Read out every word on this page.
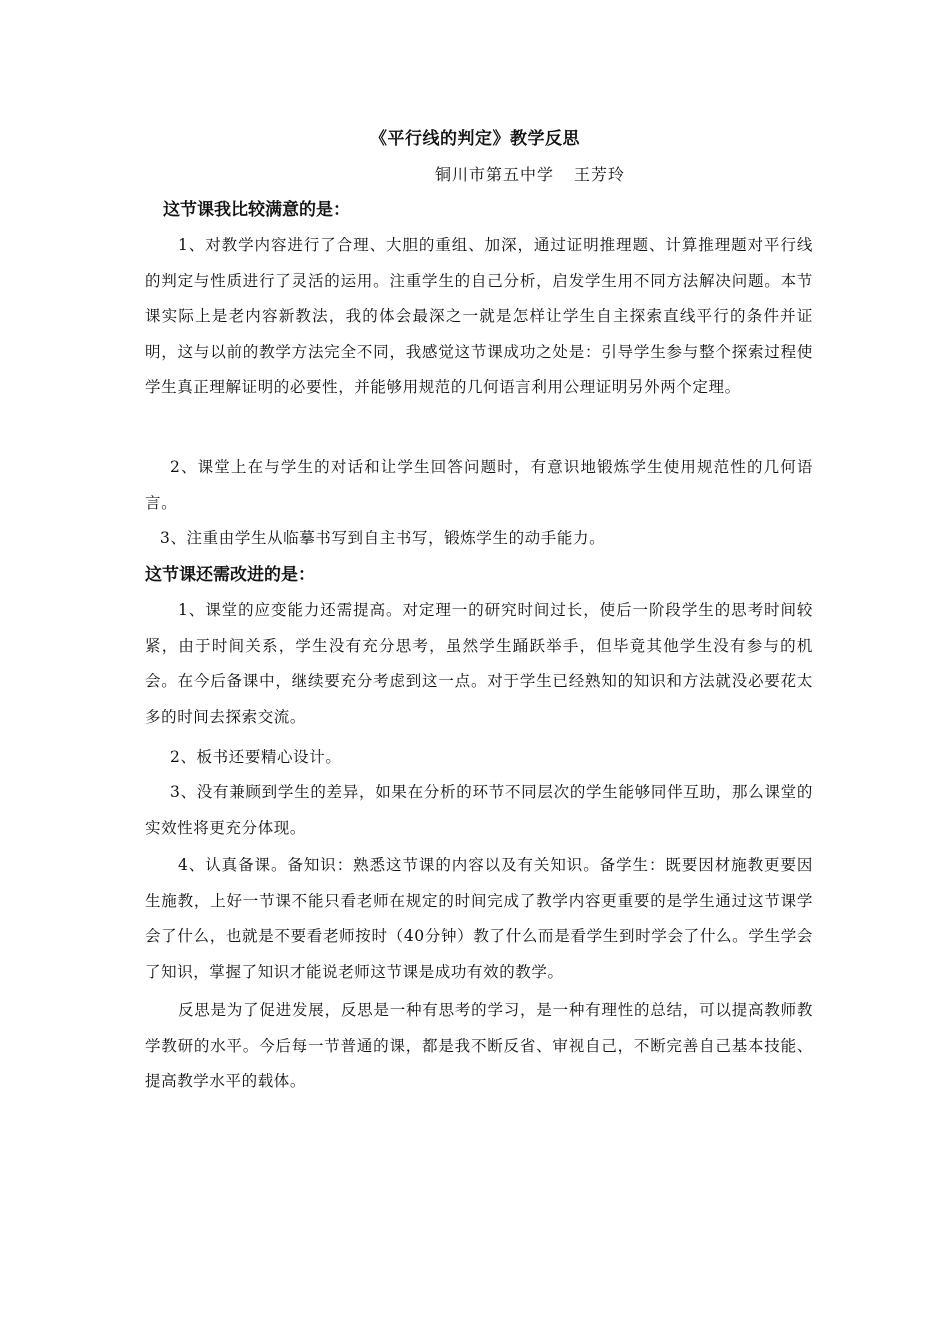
《平行线的判定》教学反思
铜川市第五中学 王芳玲
这节课我比较满意的是：
1、对教学内容进行了合理、大胆的重组、加深，通过证明推理题、计算推理题对平行线的判定与性质进行了灵活的运用。注重学生的自己分析，启发学生用不同方法解决问题。本节课实际上是老内容新教法，我的体会最深之一就是怎样让学生自主探索直线平行的条件并证明，这与以前的教学方法完全不同，我感觉这节课成功之处是：引导学生参与整个探索过程使学生真正理解证明的必要性，并能够用规范的几何语言利用公理证明另外两个定理。
2、课堂上在与学生的对话和让学生回答问题时，有意识地锻炼学生使用规范性的几何语言。
3、注重由学生从临摹书写到自主书写，锻炼学生的动手能力。
这节课还需改进的是：
1、课堂的应变能力还需提高。对定理一的研究时间过长，使后一阶段学生的思考时间较紧，由于时间关系，学生没有充分思考，虽然学生踊跃举手，但毕竟其他学生没有参与的机会。在今后备课中，继续要充分考虑到这一点。对于学生已经熟知的知识和方法就没必要花太多的时间去探索交流。
2、板书还要精心设计。
3、没有兼顾到学生的差异，如果在分析的环节不同层次的学生能够同伴互助，那么课堂的实效性将更充分体现。
4、认真备课。备知识：熟悉这节课的内容以及有关知识。备学生：既要因材施教更要因生施教，上好一节课不能只看老师在规定的时间完成了教学内容更重要的是学生通过这节课学会了什么，也就是不要看老师按时（40分钟）教了什么而是看学生到时学会了什么。学生学会了知识，掌握了知识才能说老师这节课是成功有效的教学。
反思是为了促进发展，反思是一种有思考的学习，是一种有理性的总结，可以提高教师教学教研的水平。今后每一节普通的课，都是我不断反省、审视自己，不断完善自己基本技能、提高教学水平的载体。
